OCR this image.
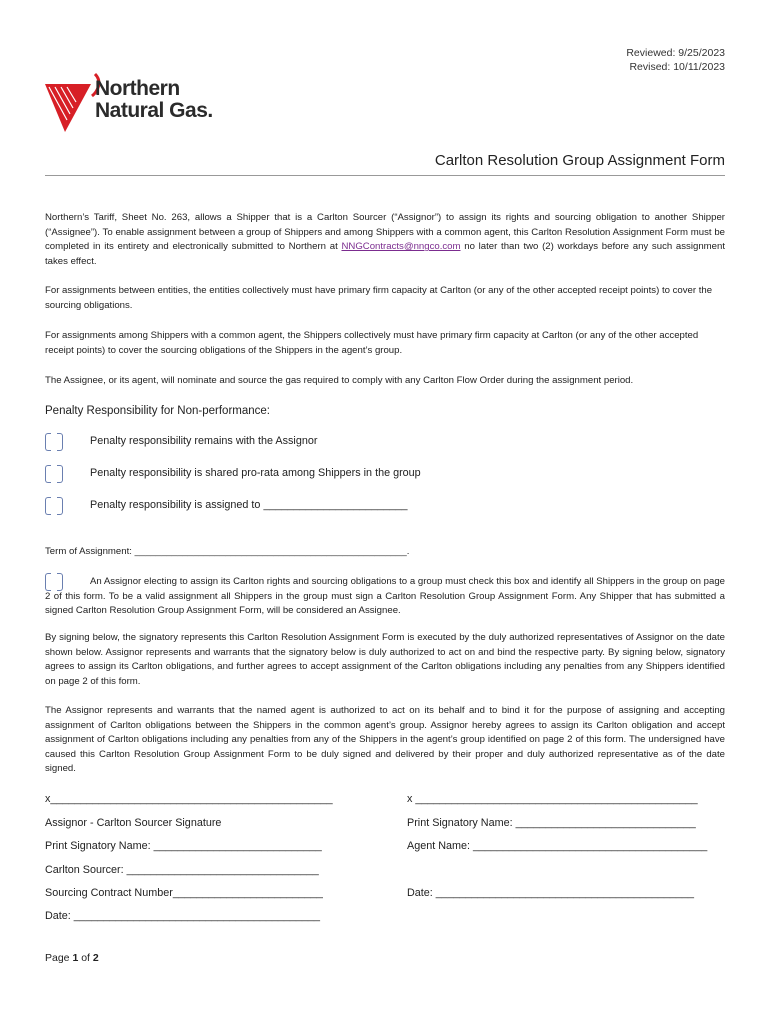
Reviewed: 9/25/2023
Revised: 10/11/2023
Northern
Natural Gas.
Carlton Resolution Group Assignment Form
Northern’s Tariff, Sheet No. 263, allows a Shipper that is a Carlton Sourcer (“Assignor”) to assign its rights and sourcing obligation to another Shipper (“Assignee”). To enable assignment between a group of Shippers and among Shippers with a common agent, this Carlton Resolution Assignment Form must be completed in its entirety and electronically submitted to Northern at NNGContracts@nngco.com no later than two (2) workdays before any such assignment takes effect.
For assignments between entities, the entities collectively must have primary firm capacity at Carlton (or any of the other accepted receipt points) to cover the sourcing obligations.
For assignments among Shippers with a common agent, the Shippers collectively must have primary firm capacity at Carlton (or any of the other accepted receipt points) to cover the sourcing obligations of the Shippers in the agent’s group.
The Assignee, or its agent, will nominate and source the gas required to comply with any Carlton Flow Order during the assignment period.
Penalty Responsibility for Non-performance:
Penalty responsibility remains with the Assignor
Penalty responsibility is shared pro-rata among Shippers in the group
Penalty responsibility is assigned to ________________________
Term of Assignment: ___________________________________________________.
An Assignor electing to assign its Carlton rights and sourcing obligations to a group must check this box and identify all Shippers in the group on page 2 of this form. To be a valid assignment all Shippers in the group must sign a Carlton Resolution Group Assignment Form. Any Shipper that has submitted a signed Carlton Resolution Group Assignment Form, will be considered an Assignee.
By signing below, the signatory represents this Carlton Resolution Assignment Form is executed by the duly authorized representatives of Assignor on the date shown below. Assignor represents and warrants that the signatory below is duly authorized to act on and bind the respective party. By signing below, signatory agrees to assign its Carlton obligations, and further agrees to accept assignment of the Carlton obligations including any penalties from any Shippers identified on page 2 of this form.
The Assignor represents and warrants that the named agent is authorized to act on its behalf and to bind it for the purpose of assigning and accepting assignment of Carlton obligations between the Shippers in the common agent’s group. Assignor hereby agrees to assign its Carlton obligation and accept assignment of Carlton obligations including any penalties from any of the Shippers in the agent’s group identified on page 2 of this form. The undersigned have caused this Carlton Resolution Group Assignment Form to be duly signed and delivered by their proper and duly authorized representative as of the date signed.
x_______________________________________________	x _______________________________________________
Assignor - Carlton Sourcer Signature	Print Signatory Name: ______________________________
Print Signatory Name: ____________________________	Agent Name: _______________________________________
Carlton Sourcer: ________________________________
Sourcing Contract Number_________________________	Date: ___________________________________________
Date: _________________________________________
Page 1 of 2
